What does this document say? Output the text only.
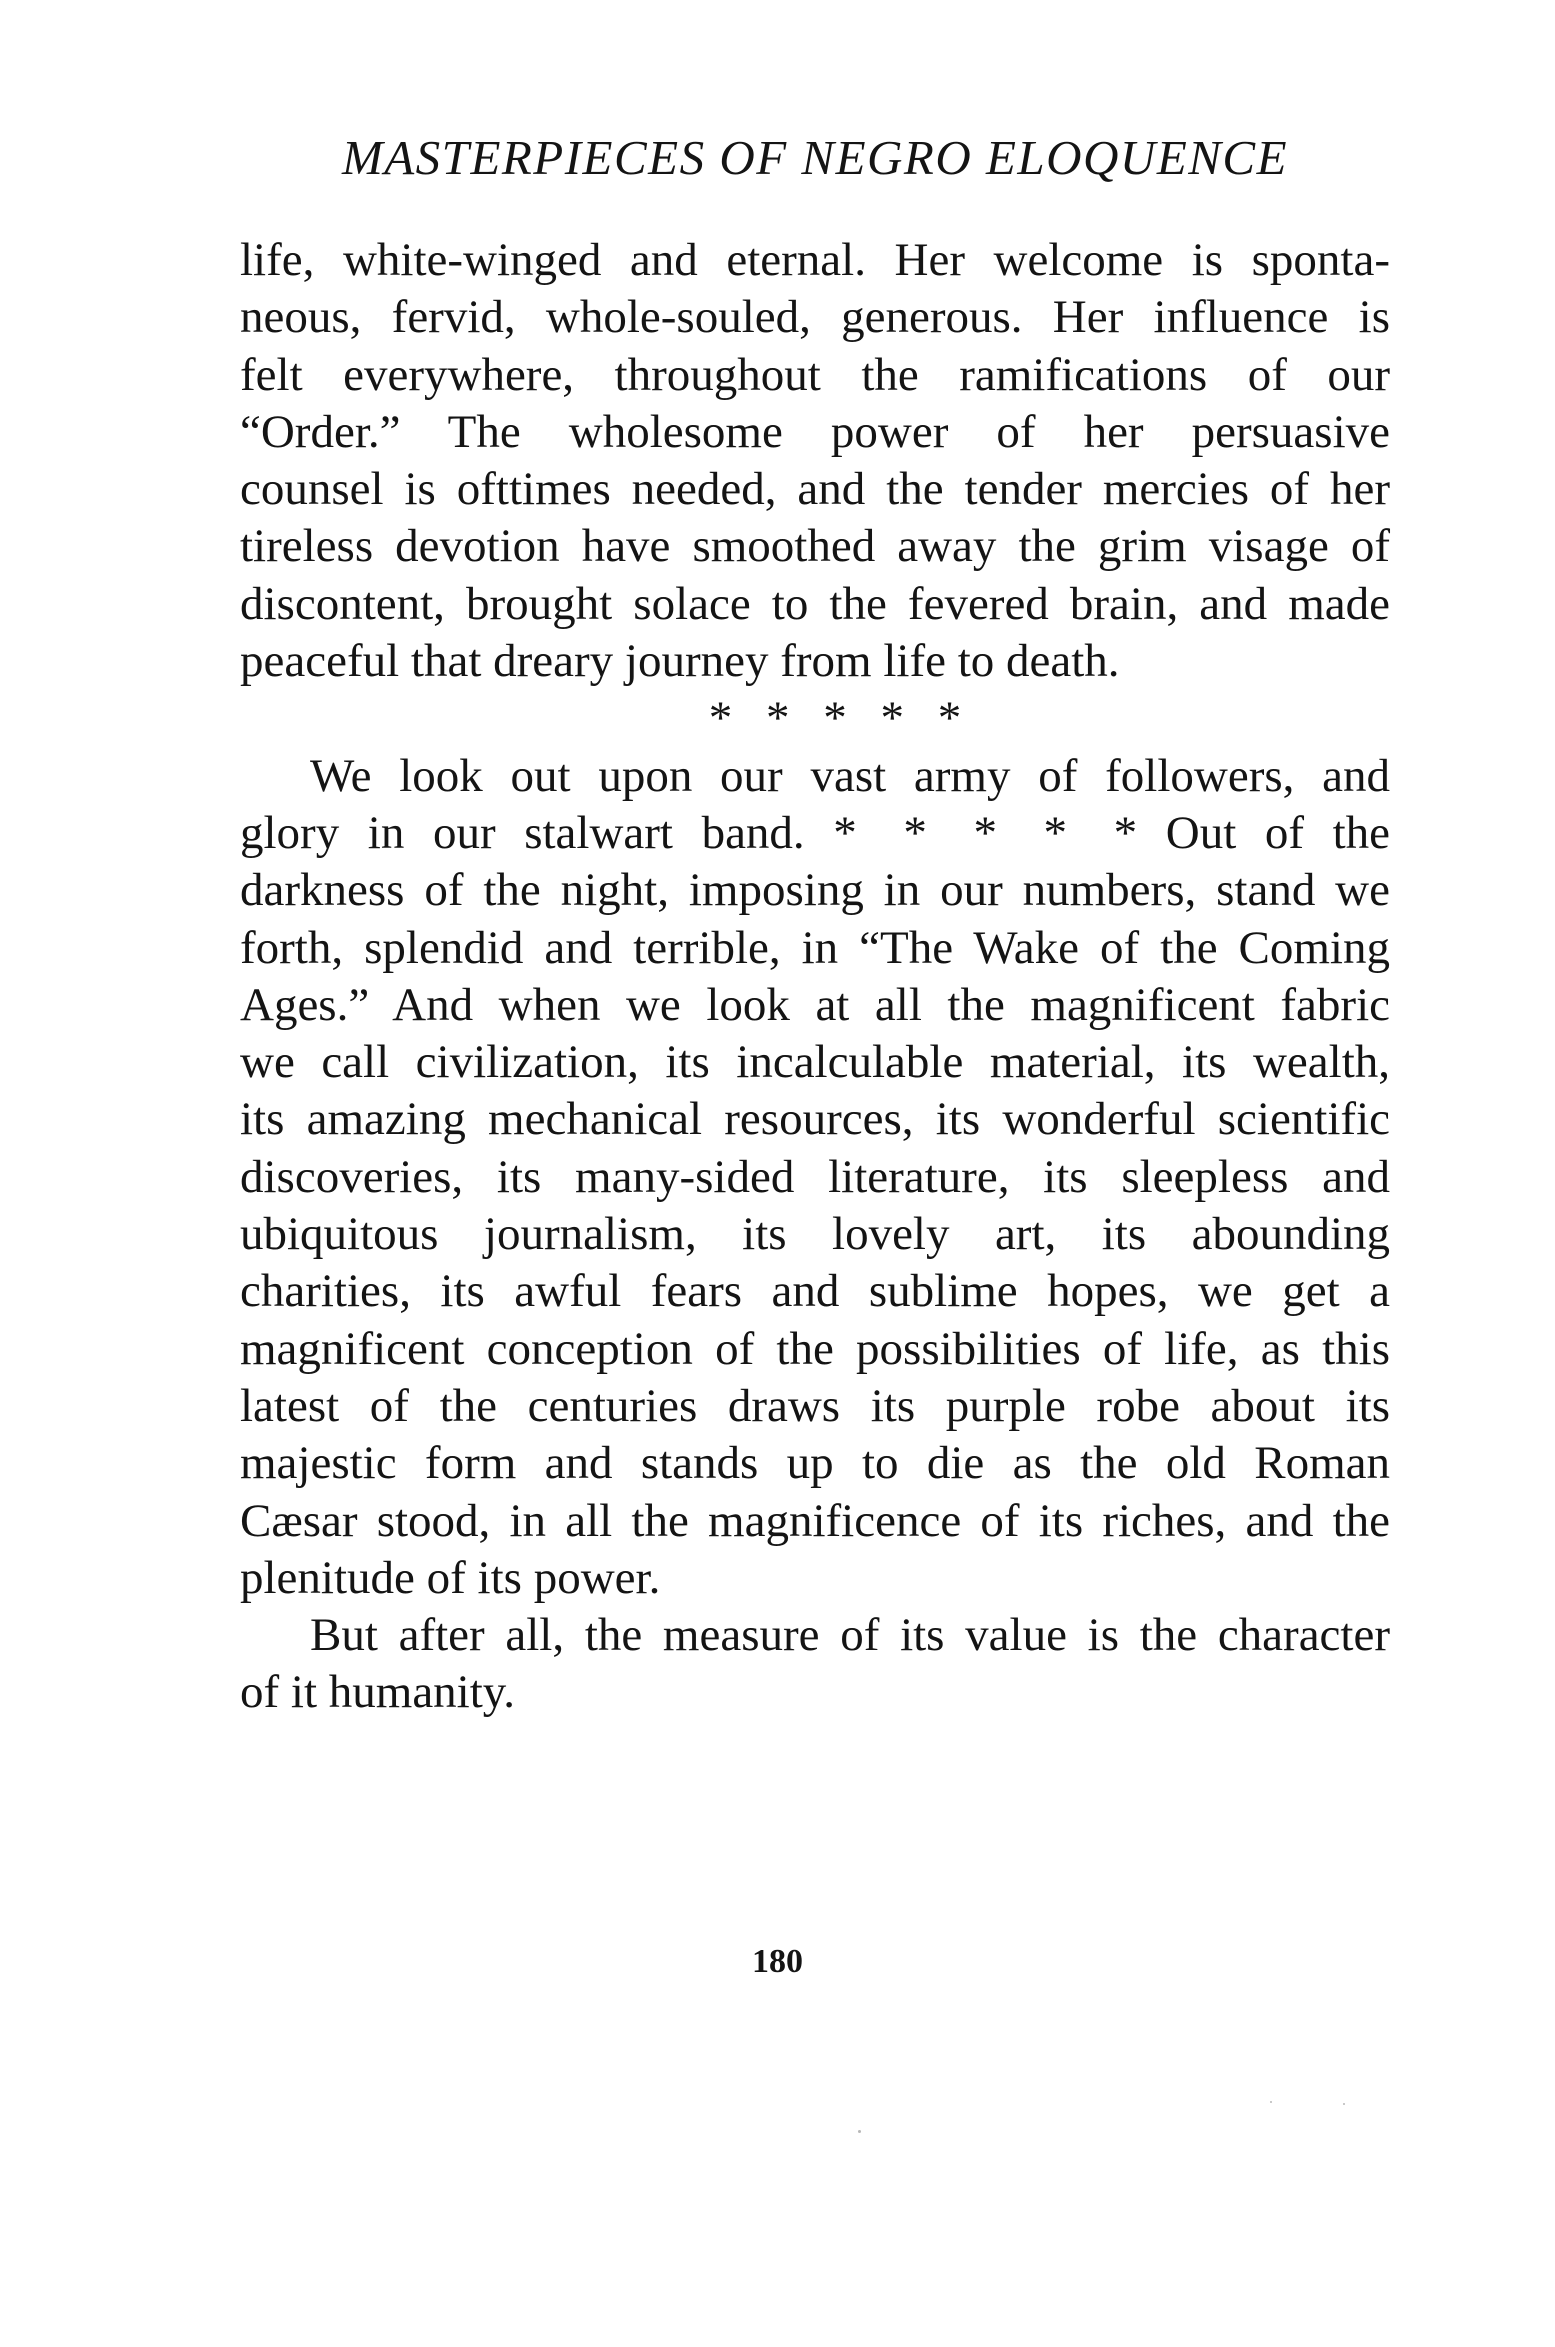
MASTERPIECES OF NEGRO ELOQUENCE

life, white-winged and eternal. Her welcome is sponta-
neous, fervid, whole-souled, generous. Her influence is
felt everywhere, throughout the ramifications of our
“Order.” The wholesome power of her persuasive
counsel is ofttimes needed, and the tender mercies of her
tireless devotion have smoothed away the grim visage of
discontent, brought solace to the fevered brain, and made
peaceful that dreary journey from life to death.

* * * * *

We look out upon our vast army of followers, and
glory in our stalwart band. * * * * * Out of the
darkness of the night, imposing in our numbers, stand we
forth, splendid and terrible, in “The Wake of the Coming
Ages.” And when we look at all the magnificent fabric
we call civilization, its incalculable material, its wealth,
its amazing mechanical resources, its wonderful scientific
discoveries, its many-sided literature, its sleepless and
ubiquitous journalism, its lovely art, its abounding
charities, its awful fears and sublime hopes, we get a
magnificent conception of the possibilities of life, as this
latest of the centuries draws its purple robe about its
majestic form and stands up to die as the old Roman
Cæsar stood, in all the magnificence of its riches, and the
plenitude of its power.

But after all, the measure of its value is the character
of it humanity.

180
